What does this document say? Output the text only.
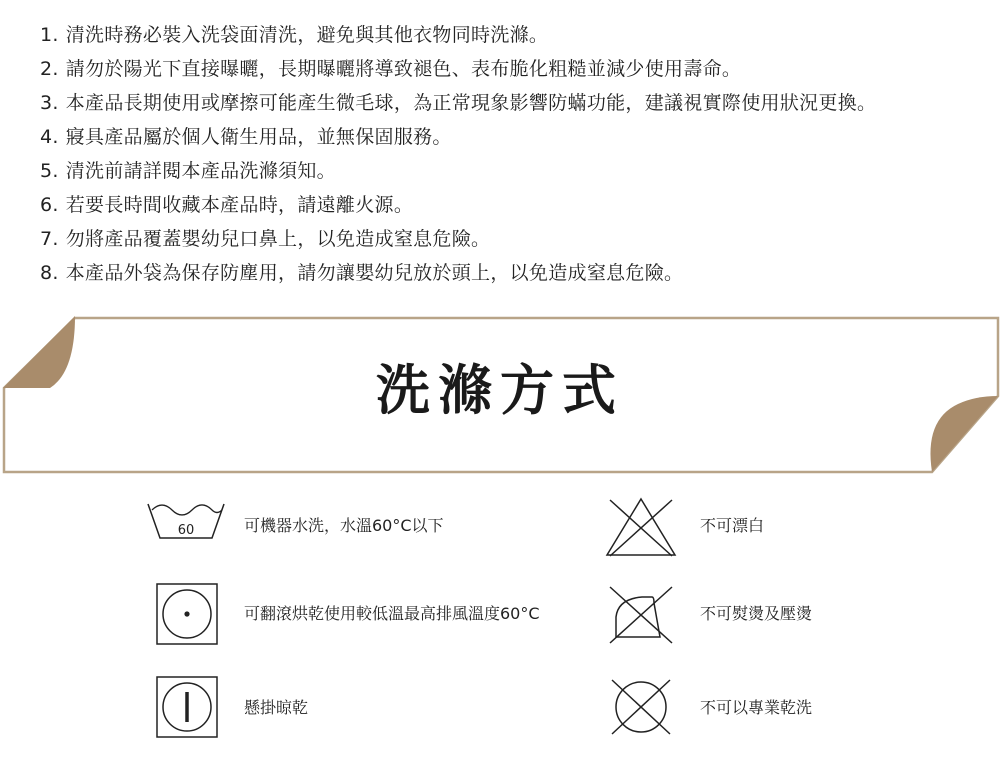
1. 清洗時務必裝入洗袋面清洗，避免與其他衣物同時洗滌。
2. 請勿於陽光下直接曝曬，長期曝曬將導致褪色、表布脆化粗糙並減少使用壽命。
3. 本產品長期使用或摩擦可能產生微毛球，為正常現象影響防蟎功能，建議視實際使用狀況更換。
4. 寢具產品屬於個人衛生用品，並無保固服務。
5. 清洗前請詳閱本產品洗滌須知。
6. 若要長時間收藏本產品時，請遠離火源。
7. 勿將產品覆蓋嬰幼兒口鼻上，以免造成窒息危險。
8. 本產品外袋為保存防塵用，請勿讓嬰幼兒放於頭上，以免造成窒息危險。
洗滌方式
60	可機器水洗，水溫60°C以下	不可漂白
可翻滾烘乾使用較低溫最高排風溫度60°C	不可熨燙及壓燙
懸掛晾乾	不可以專業乾洗
